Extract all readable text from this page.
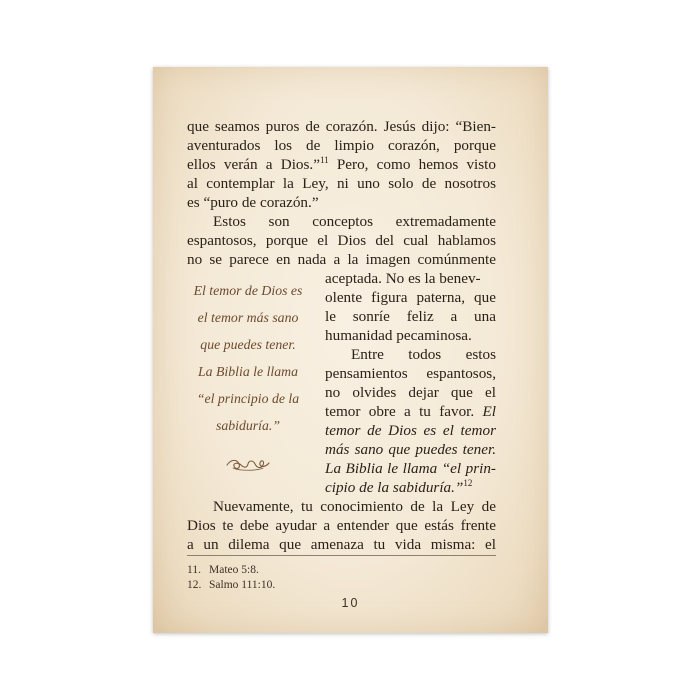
que seamos puros de corazón. Jesús dijo: “Bien-

aventurados los de limpio corazón, porque

ellos verán a Dios.”$^{11}$ Pero, como hemos visto

al contemplar la Ley, ni uno solo de nosotros

es “puro de corazón.”

Estos son conceptos extremadamente

espantosos, porque el Dios del cual hablamos

no se parece en nada a la imagen comúnmente

aceptada. No es la benev-

olente figura paterna, que

le sonríe feliz a una

humanidad pecaminosa.

Entre todos estos

pensamientos espantosos,

no olvides dejar que el

temor obre a tu favor. El

temor de Dios es el temor

más sano que puedes tener.

La Biblia le llama “el prin-

cipio de la sabiduría.”$^{12}$

Nuevamente, tu conocimiento de la Ley de

Dios te debe ayudar a entender que estás frente

a un dilema que amenaza tu vida misma: el

El temor de Dios es
el temor más sano
que puedes tener.
La Biblia le llama
“el principio de la
sabiduría.”
11. Mateo 5:8.
12. Salmo 111:10.
10
